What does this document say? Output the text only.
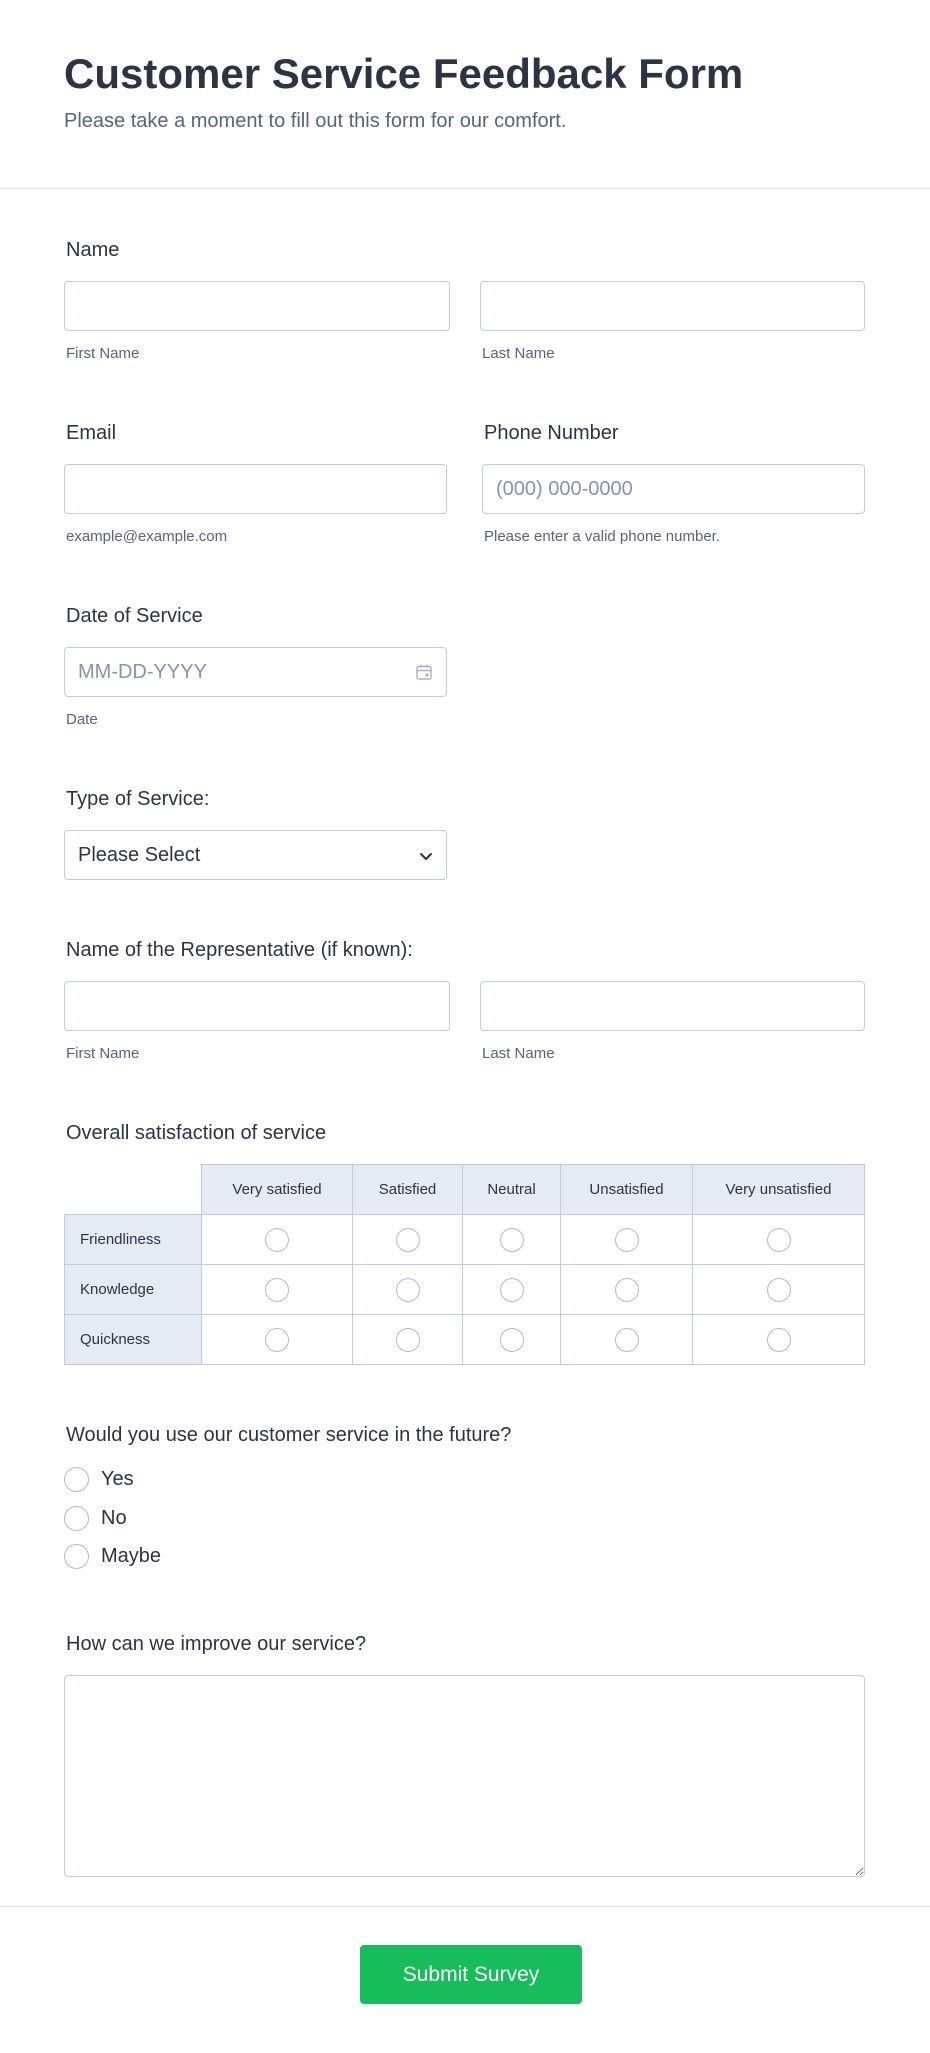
Customer Service Feedback Form
Please take a moment to fill out this form for our comfort.
Name
First Name	Last Name
Email
example@example.com
Phone Number
(000) 000-0000
Please enter a valid phone number.
Date of Service
MM-DD-YYYY
Date
Type of Service:
Please Select
Name of the Representative (if known):
First Name	Last Name
Overall satisfaction of service
	Very satisfied	Satisfied	Neutral	Unsatisfied	Very unsatisfied
Friendliness					
Knowledge					
Quickness					
Would you use our customer service in the future?
Yes
No
Maybe
How can we improve our service?
Submit Survey
